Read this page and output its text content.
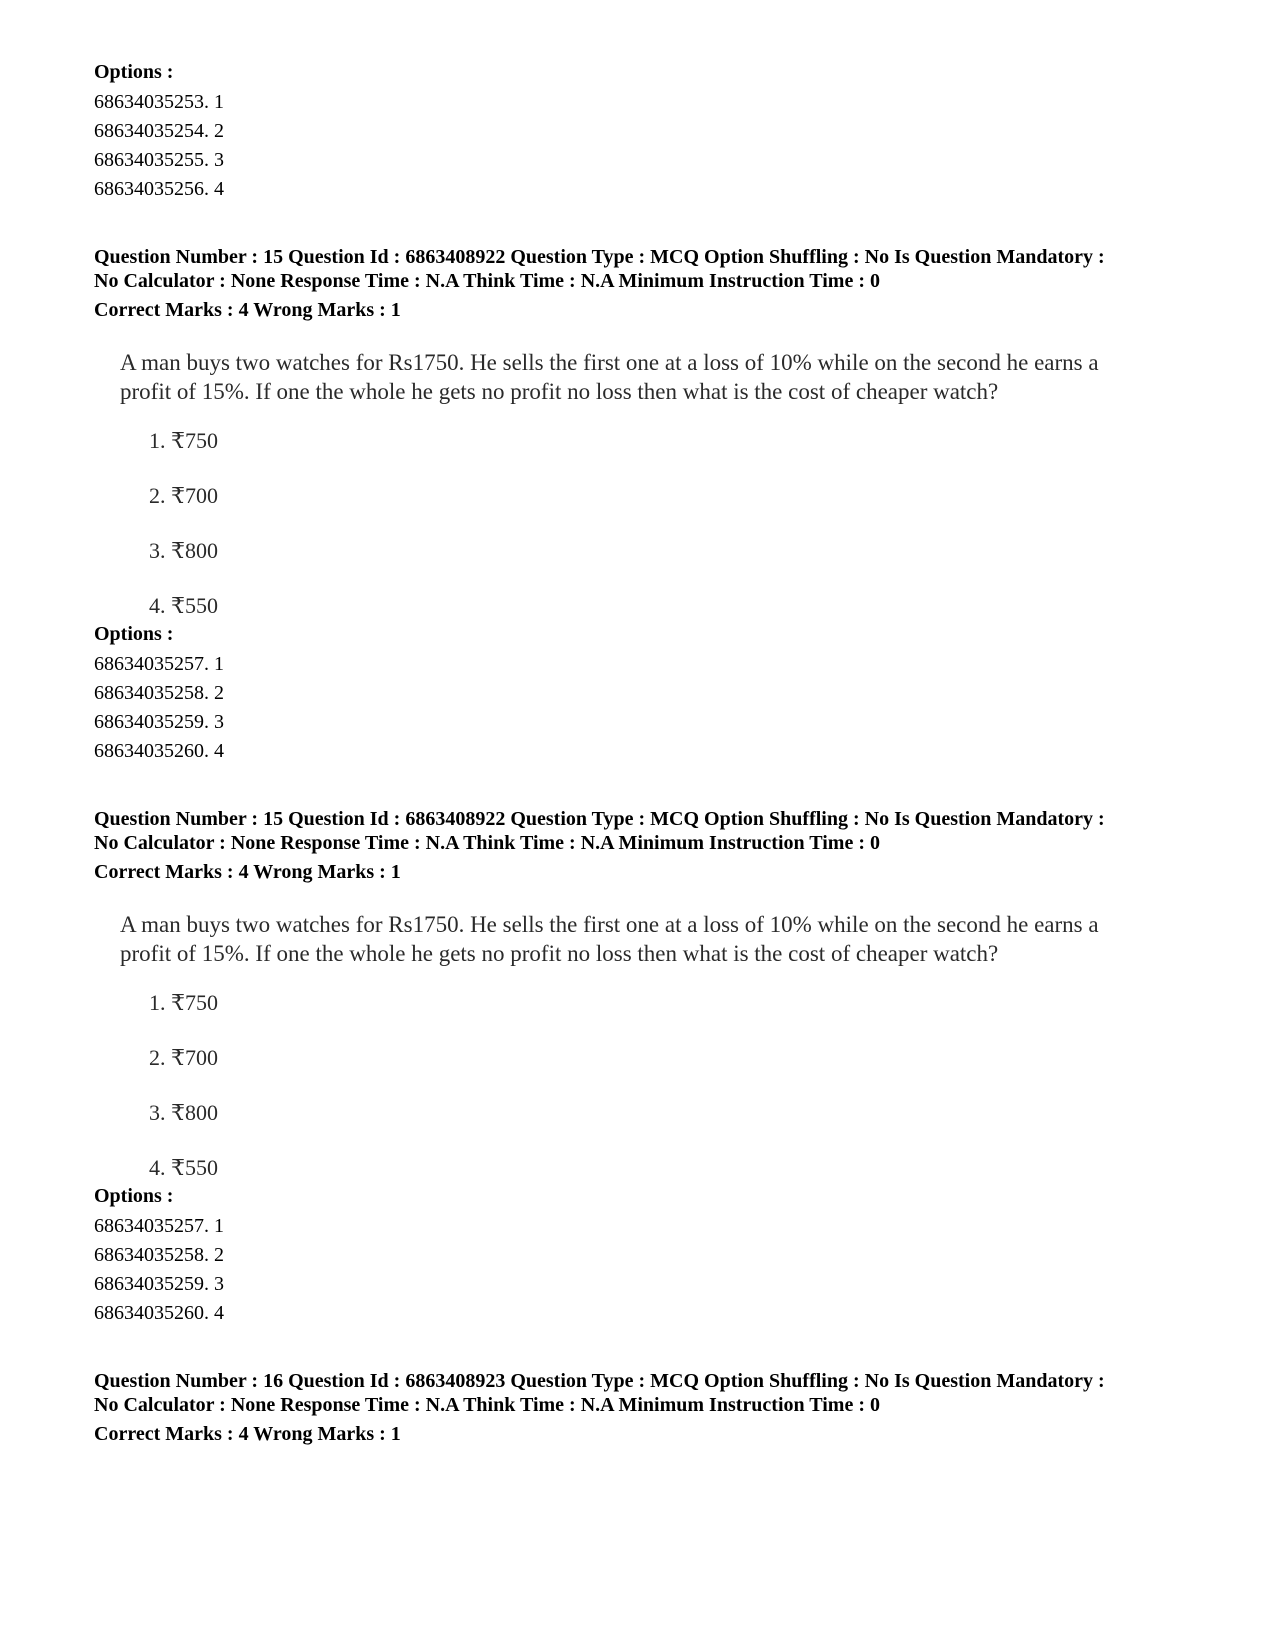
Options :
68634035253. 1
68634035254. 2
68634035255. 3
68634035256. 4
Question Number : 15 Question Id : 6863408922 Question Type : MCQ Option Shuffling : No Is Question Mandatory :
No Calculator : None Response Time : N.A Think Time : N.A Minimum Instruction Time : 0
Correct Marks : 4 Wrong Marks : 1
A man buys two watches for Rs1750. He sells the first one at a loss of 10% while on the second he earns a
profit of 15%. If one the whole he gets no profit no loss then what is the cost of cheaper watch?
1. ₹750
2. ₹700
3. ₹800
4. ₹550
Options :
68634035257. 1
68634035258. 2
68634035259. 3
68634035260. 4
Question Number : 15 Question Id : 6863408922 Question Type : MCQ Option Shuffling : No Is Question Mandatory :
No Calculator : None Response Time : N.A Think Time : N.A Minimum Instruction Time : 0
Correct Marks : 4 Wrong Marks : 1
A man buys two watches for Rs1750. He sells the first one at a loss of 10% while on the second he earns a
profit of 15%. If one the whole he gets no profit no loss then what is the cost of cheaper watch?
1. ₹750
2. ₹700
3. ₹800
4. ₹550
Options :
68634035257. 1
68634035258. 2
68634035259. 3
68634035260. 4
Question Number : 16 Question Id : 6863408923 Question Type : MCQ Option Shuffling : No Is Question Mandatory :
No Calculator : None Response Time : N.A Think Time : N.A Minimum Instruction Time : 0
Correct Marks : 4 Wrong Marks : 1
